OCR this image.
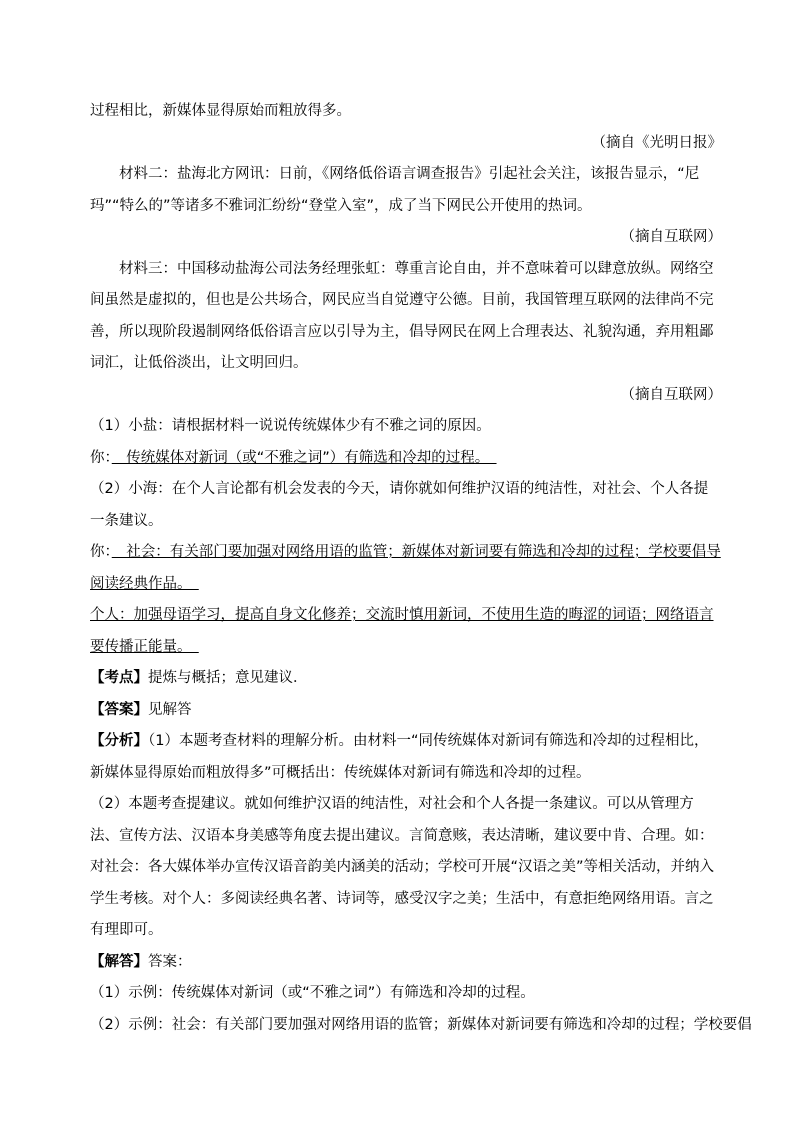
过程相比，新媒体显得原始而粗放得多。

（摘自《光明日报》

材料二：盐海北方网讯：日前，《网络低俗语言调查报告》引起社会关注，该报告显示，“尼玛”“特么的”等诸多不雅词汇纷纷“登堂入室”，成了当下网民公开使用的热词。

（摘自互联网）

材料三：中国移动盐海公司法务经理张虹：尊重言论自由，并不意味着可以肆意放纵。网络空间虽然是虚拟的，但也是公共场合，网民应当自觉遵守公德。目前，我国管理互联网的法律尚不完善，所以现阶段遏制网络低俗语言应以引导为主，倡导网民在网上合理表达、礼貌沟通，弃用粗鄙词汇，让低俗淡出，让文明回归。

（摘自互联网）

（1）小盐：请根据材料一说说传统媒体少有不雅之词的原因。

你：　传统媒体对新词（或“不雅之词”）有筛选和冷却的过程。　

（2）小海：在个人言论都有机会发表的今天，请你就如何维护汉语的纯洁性，对社会、个人各提一条建议。

你：　社会：有关部门要加强对网络用语的监管；新媒体对新词要有筛选和冷却的过程；学校要倡导阅读经典作品。　

个人：加强母语学习，提高自身文化修养；交流时慎用新词，不使用生造的晦涩的词语；网络语言要传播正能量。　

【考点】提炼与概括；意见建议．

【答案】见解答

【分析】（1）本题考查材料的理解分析。由材料一“同传统媒体对新词有筛选和冷却的过程相比，新媒体显得原始而粗放得多”可概括出：传统媒体对新词有筛选和冷却的过程。

（2）本题考查提建议。就如何维护汉语的纯洁性，对社会和个人各提一条建议。可以从管理方法、宣传方法、汉语本身美感等角度去提出建议。言简意赅，表达清晰，建议要中肯、合理。如：对社会：各大媒体举办宣传汉语音韵美内涵美的活动；学校可开展“汉语之美”等相关活动，并纳入学生考核。对个人：多阅读经典名著、诗词等，感受汉字之美；生活中，有意拒绝网络用语。言之有理即可。

【解答】答案：

（1）示例：传统媒体对新词（或“不雅之词”）有筛选和冷却的过程。

（2）示例：社会：有关部门要加强对网络用语的监管；新媒体对新词要有筛选和冷却的过程；学校要倡
